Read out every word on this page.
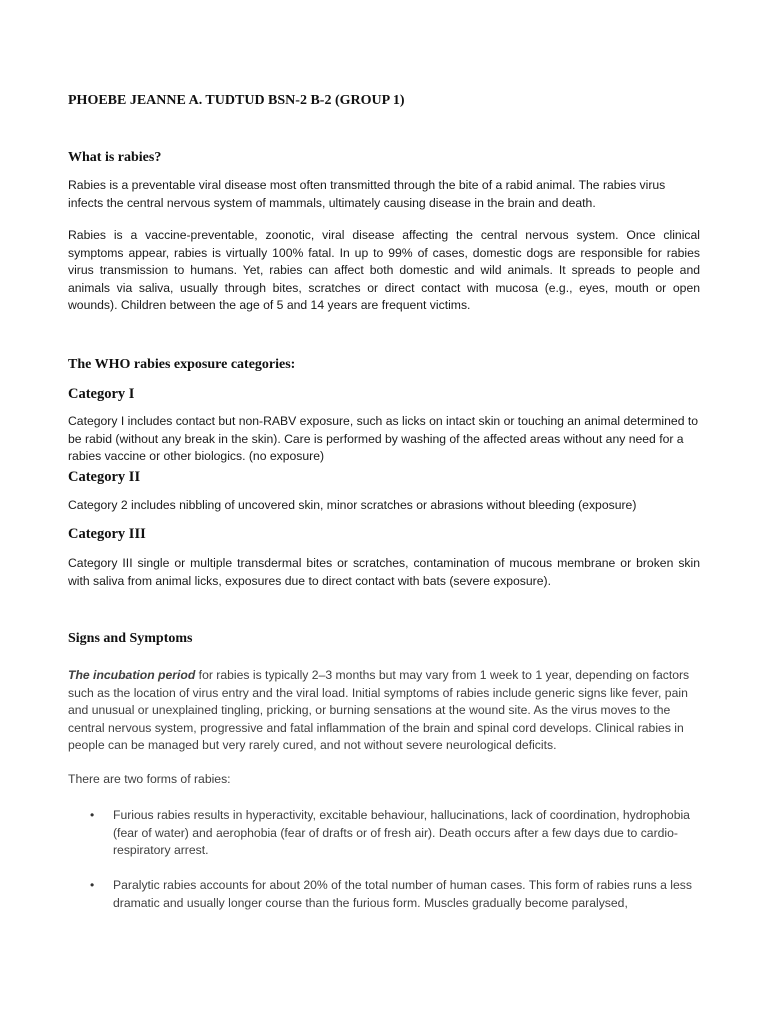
PHOEBE JEANNE A. TUDTUD BSN-2 B-2 (GROUP 1)

What is rabies?

Rabies is a preventable viral disease most often transmitted through the bite of a rabid animal. The rabies virus infects the central nervous system of mammals, ultimately causing disease in the brain and death.

Rabies is a vaccine-preventable, zoonotic, viral disease affecting the central nervous system. Once clinical symptoms appear, rabies is virtually 100% fatal. In up to 99% of cases, domestic dogs are responsible for rabies virus transmission to humans. Yet, rabies can affect both domestic and wild animals. It spreads to people and animals via saliva, usually through bites, scratches or direct contact with mucosa (e.g., eyes, mouth or open wounds). Children between the age of 5 and 14 years are frequent victims.

The WHO rabies exposure categories:

Category I

Category I includes contact but non-RABV exposure, such as licks on intact skin or touching an animal determined to be rabid (without any break in the skin). Care is performed by washing of the affected areas without any need for a rabies vaccine or other biologics. (no exposure)

Category II

Category 2 includes nibbling of uncovered skin, minor scratches or abrasions without bleeding (exposure)

Category III

Category III single or multiple transdermal bites or scratches, contamination of mucous membrane or broken skin with saliva from animal licks, exposures due to direct contact with bats (severe exposure).

Signs and Symptoms

The incubation period for rabies is typically 2–3 months but may vary from 1 week to 1 year, depending on factors such as the location of virus entry and the viral load. Initial symptoms of rabies include generic signs like fever, pain and unusual or unexplained tingling, pricking, or burning sensations at the wound site. As the virus moves to the central nervous system, progressive and fatal inflammation of the brain and spinal cord develops. Clinical rabies in people can be managed but very rarely cured, and not without severe neurological deficits.

There are two forms of rabies:

• Furious rabies results in hyperactivity, excitable behaviour, hallucinations, lack of coordination, hydrophobia (fear of water) and aerophobia (fear of drafts or of fresh air). Death occurs after a few days due to cardio-respiratory arrest.

• Paralytic rabies accounts for about 20% of the total number of human cases. This form of rabies runs a less dramatic and usually longer course than the furious form. Muscles gradually become paralysed,
